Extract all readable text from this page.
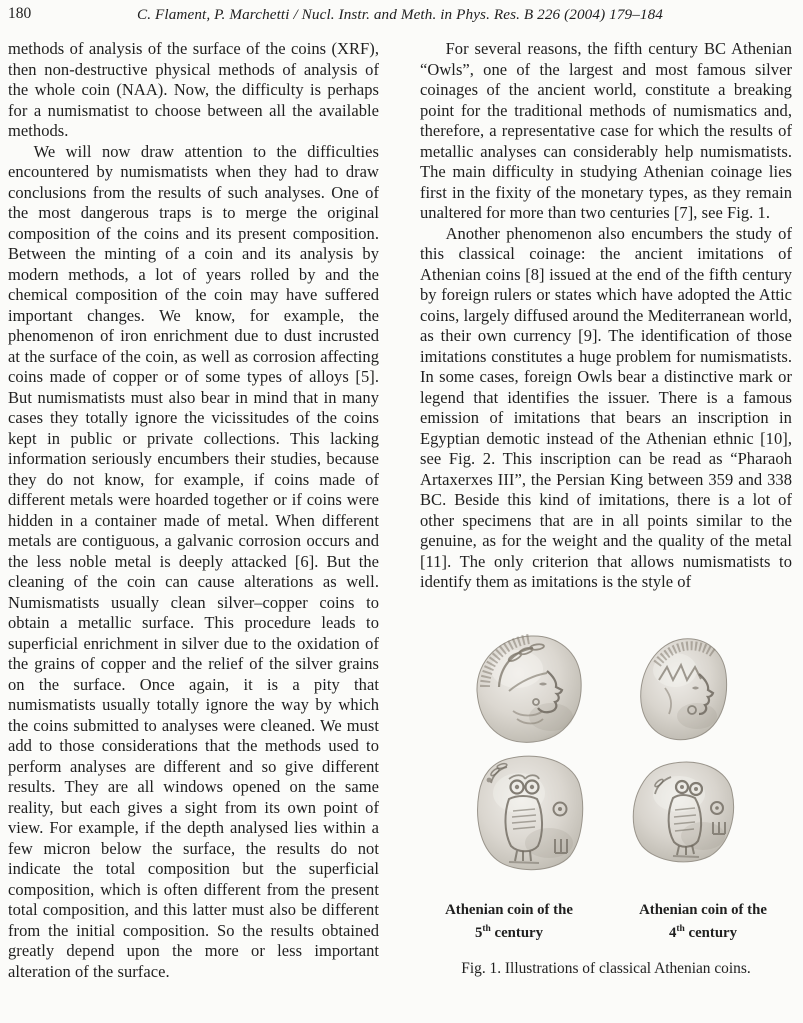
180	C. Flament, P. Marchetti / Nucl. Instr. and Meth. in Phys. Res. B 226 (2004) 179–184

methods of analysis of the surface of the coins (XRF), then non-destructive physical methods of analysis of the whole coin (NAA). Now, the difficulty is perhaps for a numismatist to choose between all the available methods.

We will now draw attention to the difficulties encountered by numismatists when they had to draw conclusions from the results of such analyses. One of the most dangerous traps is to merge the original composition of the coins and its present composition. Between the minting of a coin and its analysis by modern methods, a lot of years rolled by and the chemical composition of the coin may have suffered important changes. We know, for example, the phenomenon of iron enrichment due to dust incrusted at the surface of the coin, as well as corrosion affecting coins made of copper or of some types of alloys [5]. But numismatists must also bear in mind that in many cases they totally ignore the vicissitudes of the coins kept in public or private collections. This lacking information seriously encumbers their studies, because they do not know, for example, if coins made of different metals were hoarded together or if coins were hidden in a container made of metal. When different metals are contiguous, a galvanic corrosion occurs and the less noble metal is deeply attacked [6]. But the cleaning of the coin can cause alterations as well. Numismatists usually clean silver–copper coins to obtain a metallic surface. This procedure leads to superficial enrichment in silver due to the oxidation of the grains of copper and the relief of the silver grains on the surface. Once again, it is a pity that numismatists usually totally ignore the way by which the coins submitted to analyses were cleaned. We must add to those considerations that the methods used to perform analyses are different and so give different results. They are all windows opened on the same reality, but each gives a sight from its own point of view. For example, if the depth analysed lies within a few micron below the surface, the results do not indicate the total composition but the superficial composition, which is often different from the present total composition, and this latter must also be different from the initial composition. So the results obtained greatly depend upon the more or less important alteration of the surface.

For several reasons, the fifth century BC Athenian “Owls”, one of the largest and most famous silver coinages of the ancient world, constitute a breaking point for the traditional methods of numismatics and, therefore, a representative case for which the results of metallic analyses can considerably help numismatists. The main difficulty in studying Athenian coinage lies first in the fixity of the monetary types, as they remain unaltered for more than two centuries [7], see Fig. 1.

Another phenomenon also encumbers the study of this classical coinage: the ancient imitations of Athenian coins [8] issued at the end of the fifth century by foreign rulers or states which have adopted the Attic coins, largely diffused around the Mediterranean world, as their own currency [9]. The identification of those imitations constitutes a huge problem for numismatists. In some cases, foreign Owls bear a distinctive mark or legend that identifies the issuer. There is a famous emission of imitations that bears an inscription in Egyptian demotic instead of the Athenian ethnic [10], see Fig. 2. This inscription can be read as “Pharaoh Artaxerxes III”, the Persian King between 359 and 338 BC. Beside this kind of imitations, there is a lot of other specimens that are in all points similar to the genuine, as for the weight and the quality of the metal [11]. The only criterion that allows numismatists to identify them as imitations is the style of

Athenian coin of the
5th century
Athenian coin of the
4th century
Fig. 1. Illustrations of classical Athenian coins.
